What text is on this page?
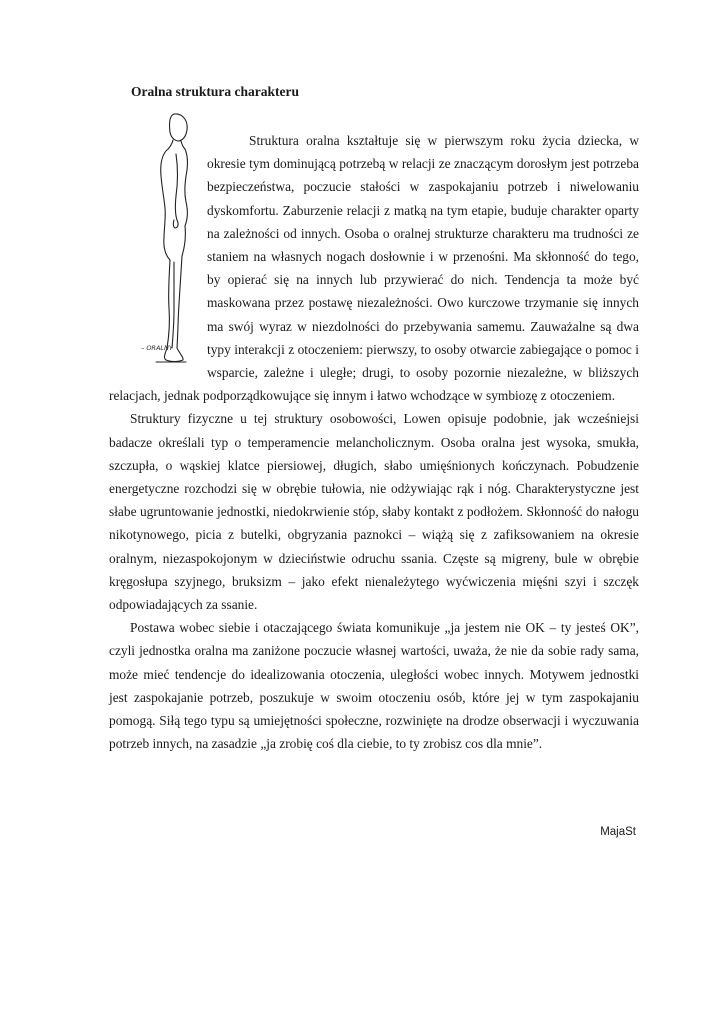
Oralna struktura charakteru
– ORALNY

Struktura oralna kształtuje się w pierwszym roku życia dziecka, w okresie tym dominującą potrzebą w relacji ze znaczącym dorosłym jest potrzeba bezpieczeństwa, poczucie stałości w zaspokajaniu potrzeb i niwelowaniu dyskomfortu. Zaburzenie relacji z matką na tym etapie, buduje charakter oparty na zależności od innych. Osoba o oralnej strukturze charakteru ma trudności ze staniem na własnych nogach dosłownie i w przenośni. Ma skłonność do tego, by opierać się na innych lub przywierać do nich. Tendencja ta może być maskowana przez postawę niezależności. Owo kurczowe trzymanie się innych ma swój wyraz w niezdolności do przebywania samemu. Zauważalne są dwa typy interakcji z otoczeniem: pierwszy, to osoby otwarcie zabiegające o pomoc i wsparcie, zależne i uległe; drugi, to osoby pozornie niezależne, w bliższych relacjach, jednak podporządkowujące się innym i łatwo wchodzące w symbiozę z otoczeniem.

Struktury fizyczne u tej struktury osobowości, Lowen opisuje podobnie, jak wcześniejsi badacze określali typ o temperamencie melancholicznym. Osoba oralna jest wysoka, smukła, szczupła, o wąskiej klatce piersiowej, długich, słabo umięśnionych kończynach. Pobudzenie energetyczne rozchodzi się w obrębie tułowia, nie odżywiając rąk i nóg. Charakterystyczne jest słabe ugruntowanie jednostki, niedokrwienie stóp, słaby kontakt z podłożem. Skłonność do nałogu nikotynowego, picia z butelki, obgryzania paznokci – wiążą się z zafiksowaniem na okresie oralnym, niezaspokojonym w dzieciństwie odruchu ssania. Częste są migreny, bule w obrębie kręgosłupa szyjnego, bruksizm – jako efekt nienależytego wyćwiczenia mięśni szyi i szczęk odpowiadających za ssanie.

Postawa wobec siebie i otaczającego świata komunikuje „ja jestem nie OK – ty jesteś OK”, czyli jednostka oralna ma zaniżone poczucie własnej wartości, uważa, że nie da sobie rady sama, może mieć tendencje do idealizowania otoczenia, uległości wobec innych. Motywem jednostki jest zaspokajanie potrzeb, poszukuje w swoim otoczeniu osób, które jej w tym zaspokajaniu pomogą. Siłą tego typu są umiejętności społeczne, rozwinięte na drodze obserwacji i wyczuwania potrzeb innych, na zasadzie „ja zrobię coś dla ciebie, to ty zrobisz cos dla mnie”.

MajaSt
